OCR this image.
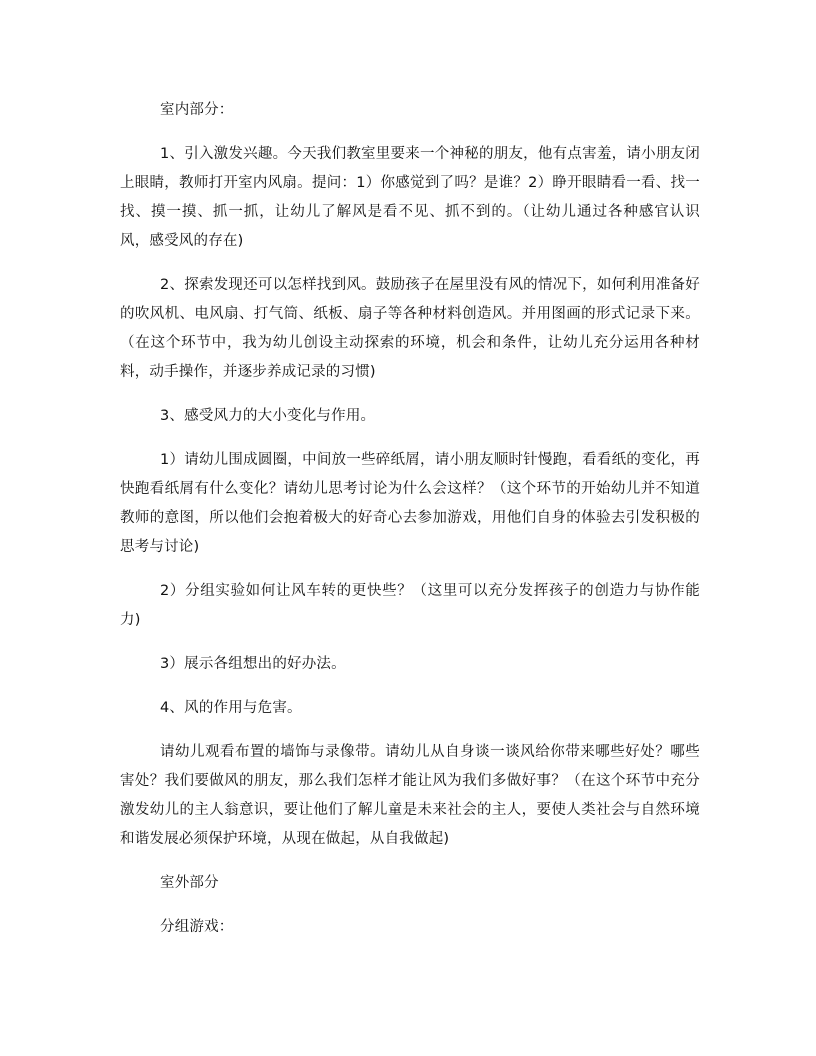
室内部分：

1、引入激发兴趣。今天我们教室里要来一个神秘的朋友，他有点害羞，请小朋友闭上眼睛，教师打开室内风扇。提问：1）你感觉到了吗？是谁？2）睁开眼睛看一看、找一找、摸一摸、抓一抓，让幼儿了解风是看不见、抓不到的。（让幼儿通过各种感官认识风，感受风的存在)

2、探索发现还可以怎样找到风。鼓励孩子在屋里没有风的情况下，如何利用准备好的吹风机、电风扇、打气筒、纸板、扇子等各种材料创造风。并用图画的形式记录下来。（在这个环节中，我为幼儿创设主动探索的环境，机会和条件，让幼儿充分运用各种材料，动手操作，并逐步养成记录的习惯)

3、感受风力的大小变化与作用。

1）请幼儿围成圆圈，中间放一些碎纸屑，请小朋友顺时针慢跑，看看纸的变化，再快跑看纸屑有什么变化？请幼儿思考讨论为什么会这样？（这个环节的开始幼儿并不知道教师的意图，所以他们会抱着极大的好奇心去参加游戏，用他们自身的体验去引发积极的思考与讨论)

2）分组实验如何让风车转的更快些？（这里可以充分发挥孩子的创造力与协作能力)

3）展示各组想出的好办法。

4、风的作用与危害。

请幼儿观看布置的墙饰与录像带。请幼儿从自身谈一谈风给你带来哪些好处？哪些害处？我们要做风的朋友，那么我们怎样才能让风为我们多做好事？（在这个环节中充分激发幼儿的主人翁意识，要让他们了解儿童是未来社会的主人，要使人类社会与自然环境和谐发展必须保护环境，从现在做起，从自我做起)

室外部分

分组游戏：
